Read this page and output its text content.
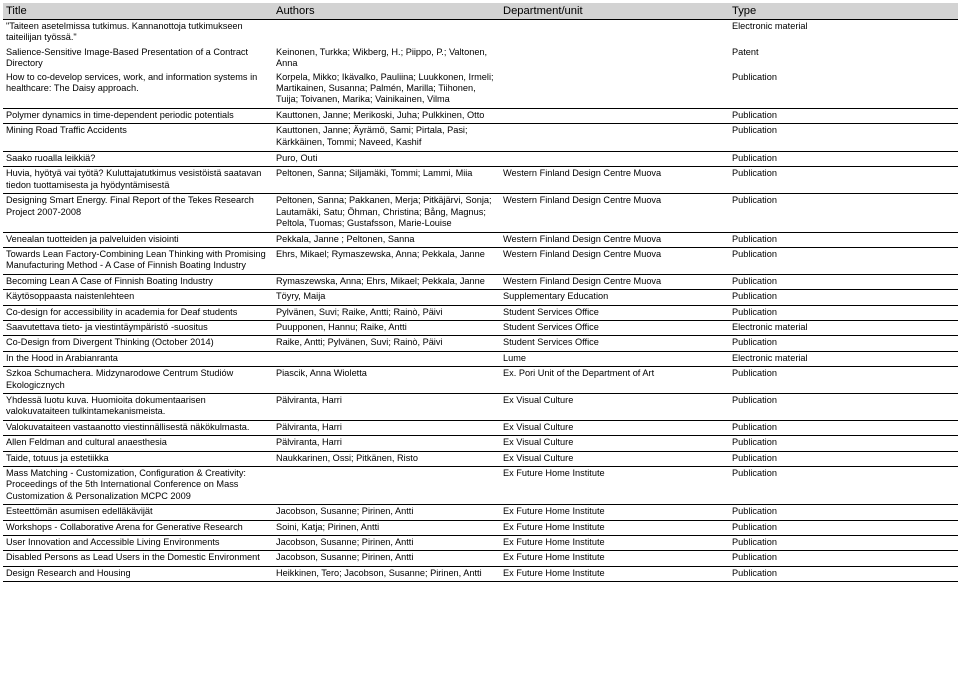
Title	Authors	Department/unit	Type
"Taiteen asetelmissa tutkimus. Kannanottoja tutkimukseen taiteilijan työssä."			Electronic material
Salience-Sensitive Image-Based Presentation of a Contract Directory	Keinonen, Turkka; Wikberg, H.; Piippo, P.; Valtonen, Anna		Patent
How to co-develop services, work, and information systems in healthcare: The Daisy approach.	Korpela, Mikko; Ikävalko, Pauliina; Luukkonen, Irmeli; Martikainen, Susanna; Palmén, Marilla; Tiihonen, Tuija; Toivanen, Marika; Vainikainen, Vilma		Publication
Polymer dynamics in time-dependent periodic potentials	Kauttonen, Janne; Merikoski, Juha; Pulkkinen, Otto		Publication
Mining Road Traffic Accidents	Kauttonen, Janne; Äyrämö, Sami; Pirtala, Pasi; Kärkkäinen, Tommi; Naveed, Kashif		Publication
Saako ruoalla leikkiä?	Puro, Outi		Publication
Huvia, hyötyä vai työtä? Kuluttajatutkimus vesistöistä saatavan tiedon tuottamisesta ja hyödyntämisestä	Peltonen, Sanna; Siljamäki, Tommi; Lammi, Miia	Western Finland Design Centre Muova	Publication
Designing Smart Energy. Final Report of the Tekes Research Project 2007-2008	Peltonen, Sanna; Pakkanen, Merja; Pitkäjärvi, Sonja; Lautamäki, Satu; Öhman, Christina; Bång, Magnus; Peltola, Tuomas; Gustafsson, Marie-Louise	Western Finland Design Centre Muova	Publication
Venealan tuotteiden ja palveluiden visiointi	Pekkala, Janne ; Peltonen, Sanna	Western Finland Design Centre Muova	Publication
Towards Lean Factory-Combining Lean Thinking with Promising Manufacturing Method - A Case of Finnish Boating Industry	Ehrs, Mikael; Rymaszewska, Anna; Pekkala, Janne	Western Finland Design Centre Muova	Publication
Becoming Lean A Case of Finnish Boating Industry	Rymaszewska, Anna; Ehrs, Mikael; Pekkala, Janne	Western Finland Design Centre Muova	Publication
Käytösoppaasta naistenlehteen	Töyry, Maija	Supplementary Education	Publication
Co-design for accessibility in academia for Deaf students	Pylvänen, Suvi; Raike, Antti; Rainò, Päivi	Student Services Office	Publication
Saavutettava tieto- ja viestintäympäristö -suositus	Puupponen, Hannu; Raike, Antti	Student Services Office	Electronic material
Co-Design from Divergent Thinking (October 2014)	Raike, Antti; Pylvänen, Suvi; Rainò, Päivi	Student Services Office	Publication
In the Hood in Arabianranta		Lume	Electronic material
Szkoa Schumachera. Midzynarodowe Centrum Studiów Ekologicznych	Piascik, Anna Wioletta	Ex. Pori Unit of the Department of Art	Publication
Yhdessä luotu kuva. Huomioita dokumentaarisen valokuvataiteen tulkintamekanismeista.	Pälviranta, Harri	Ex Visual Culture	Publication
Valokuvataiteen vastaanotto viestinnällisestä näkökulmasta.	Pälviranta, Harri	Ex Visual Culture	Publication
Allen Feldman and cultural anaesthesia	Pälviranta, Harri	Ex Visual Culture	Publication
Taide, totuus ja estetiikka	Naukkarinen, Ossi; Pitkänen, Risto	Ex Visual Culture	Publication
Mass Matching - Customization, Configuration & Creativity: Proceedings of the 5th International Conference on Mass Customization & Personalization MCPC 2009		Ex Future Home Institute	Publication
Esteettömän asumisen edelläkävijät	Jacobson, Susanne; Pirinen, Antti	Ex Future Home Institute	Publication
Workshops - Collaborative Arena for Generative Research	Soini, Katja; Pirinen, Antti	Ex Future Home Institute	Publication
User Innovation and Accessible Living Environments	Jacobson, Susanne; Pirinen, Antti	Ex Future Home Institute	Publication
Disabled Persons as Lead Users in the Domestic Environment	Jacobson, Susanne; Pirinen, Antti	Ex Future Home Institute	Publication
Design Research and Housing	Heikkinen, Tero; Jacobson, Susanne; Pirinen, Antti	Ex Future Home Institute	Publication
